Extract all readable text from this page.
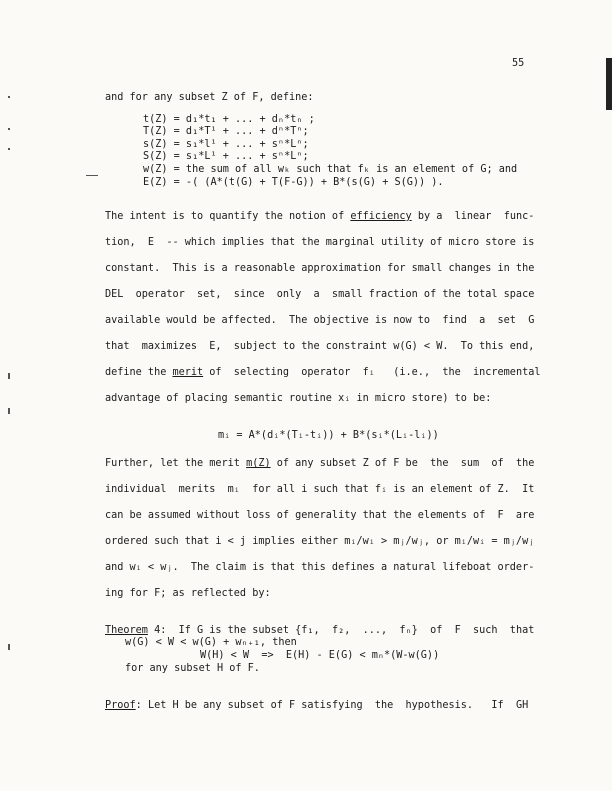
55
and for any subset Z of F, define:
t(Z) = d₁*t₁ + ... + dₙ*tₙ ;
T(Z) = d₁*T¹ + ... + dⁿ*Tⁿ;
s(Z) = s₁*l¹ + ... + sⁿ*Lⁿ;
S(Z) = s₁*L¹ + ... + sⁿ*Lⁿ;
w(Z) = the sum of all wₖ such that fₖ is an element of G; and
E(Z) = -( (A*(t(G) + T(F-G)) + B*(s(G) + S(G)) ).
The intent is to quantify the notion of efficiency by a  linear  func-
tion,  E  -- which implies that the marginal utility of micro store is
constant.  This is a reasonable approximation for small changes in the
DEL  operator  set,  since  only  a  small fraction of the total space
available would be affected.  The objective is now to  find  a  set  G
that  maximizes  E,  subject to the constraint w(G) < W.  To this end,
define the merit of  selecting  operator  fᵢ   (i.e.,  the  incremental
advantage of placing semantic routine xᵢ in micro store) to be:
mᵢ = A*(dᵢ*(Tᵢ-tᵢ)) + B*(sᵢ*(Lᵢ-lᵢ))
Further, let the merit m(Z) of any subset Z of F be  the  sum  of  the
individual  merits  mᵢ  for all i such that fᵢ is an element of Z.  It
can be assumed without loss of generality that the elements of  F  are
ordered such that i < j implies either mᵢ/wᵢ > mⱼ/wⱼ, or mᵢ/wᵢ = mⱼ/wⱼ
and wᵢ < wⱼ.  The claim is that this defines a natural lifeboat order-
ing for F; as reflected by:
Theorem 4:  If G is the subset {f₁,  f₂,  ...,  fₙ}  of  F  such  that
w(G) < W < w(G) + wₙ₊₁, then
W(H) < W  =>  E(H) - E(G) < mₙ*(W-w(G))
for any subset H of F.
Proof: Let H be any subset of F satisfying  the  hypothesis.   If  GH
